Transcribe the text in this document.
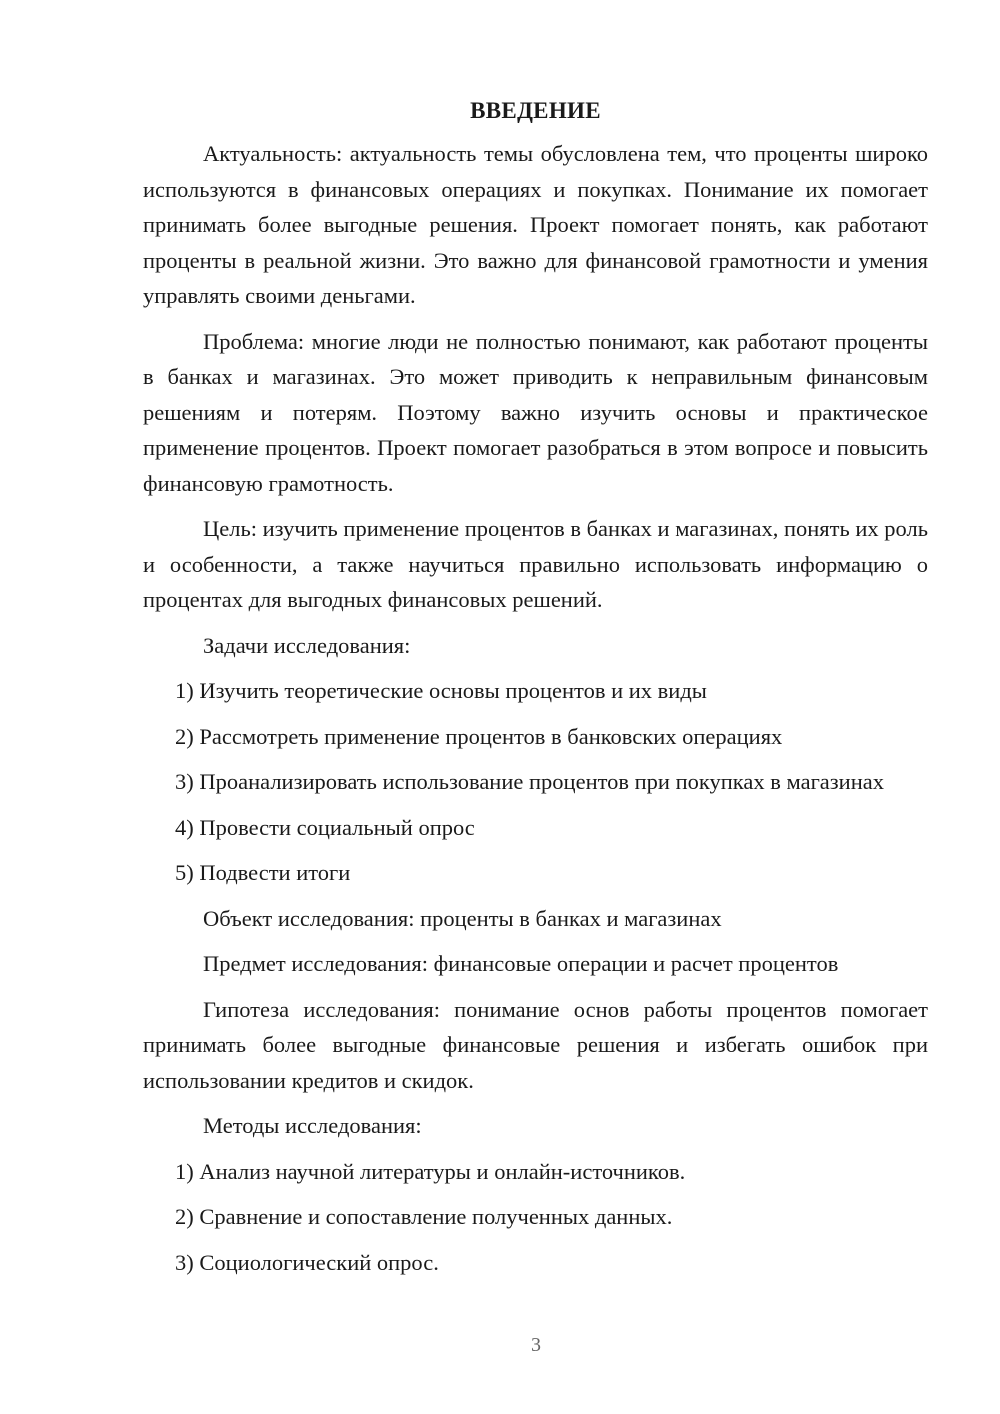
ВВЕДЕНИЕ

Актуальность: актуальность темы обусловлена тем, что проценты широко используются в финансовых операциях и покупках. Понимание их помогает принимать более выгодные решения. Проект помогает понять, как работают проценты в реальной жизни. Это важно для финансовой грамотности и умения управлять своими деньгами.

Проблема: многие люди не полностью понимают, как работают проценты в банках и магазинах. Это может приводить к неправильным финансовым решениям и потерям. Поэтому важно изучить основы и практическое применение процентов. Проект помогает разобраться в этом вопросе и повысить финансовую грамотность.

Цель: изучить применение процентов в банках и магазинах, понять их роль и особенности, а также научиться правильно использовать информацию о процентах для выгодных финансовых решений.

Задачи исследования:

1) Изучить теоретические основы процентов и их виды

2) Рассмотреть применение процентов в банковских операциях

3) Проанализировать использование процентов при покупках в магазинах

4) Провести социальный опрос

5) Подвести итоги

Объект исследования: проценты в банках и магазинах

Предмет исследования: финансовые операции и расчет процентов

Гипотеза исследования: понимание основ работы процентов помогает принимать более выгодные финансовые решения и избегать ошибок при использовании кредитов и скидок.

Методы исследования:

1) Анализ научной литературы и онлайн-источников.

2) Сравнение и сопоставление полученных данных.

3) Социологический опрос.

3
